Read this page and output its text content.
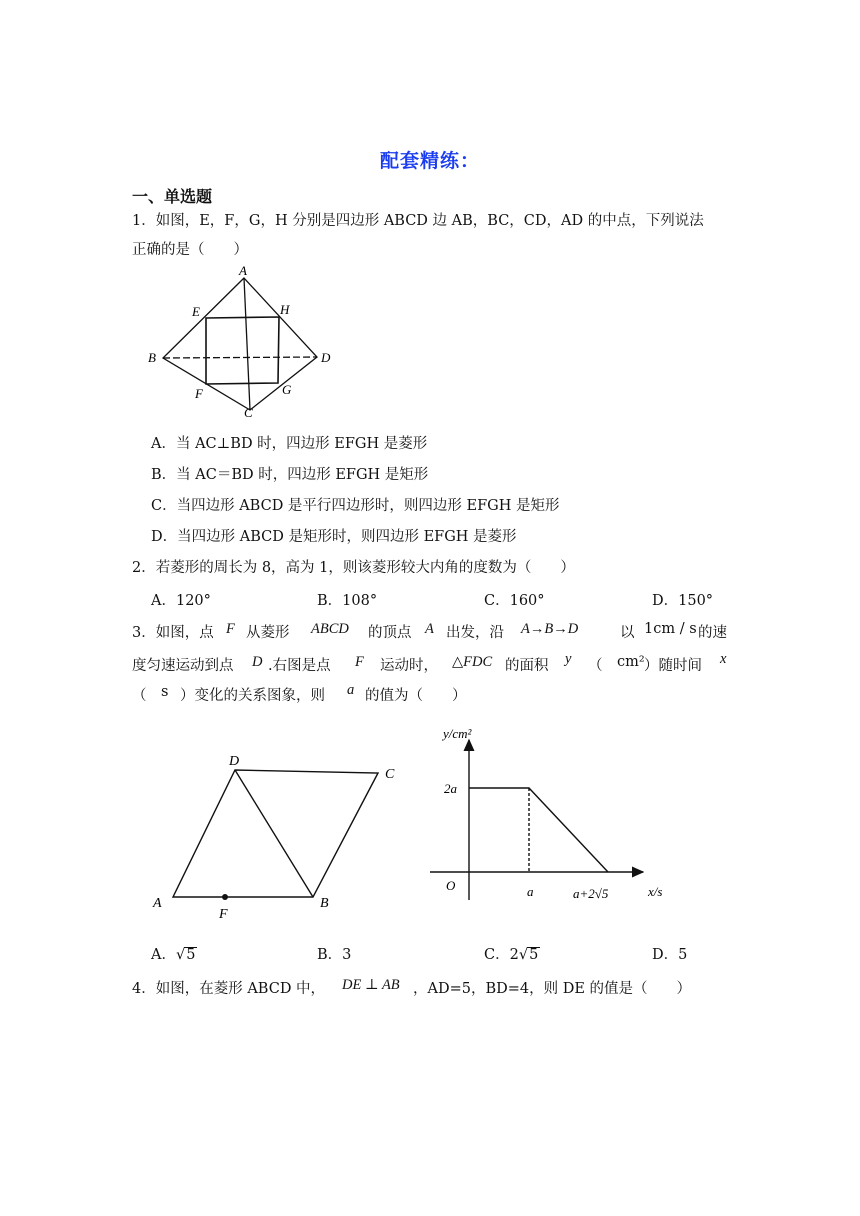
配套精练：
一、单选题
1．如图，E，F，G，H 分别是四边形 ABCD 边 AB，BC，CD，AD 的中点，下列说法
正确的是（　　）
A
B
C
D
E
F	G
H
A．当 AC⊥BD 时，四边形 EFGH 是菱形
B．当 AC＝BD 时，四边形 EFGH 是矩形
C．当四边形 ABCD 是平行四边形时，则四边形 EFGH 是矩形
D．当四边形 ABCD 是矩形时，则四边形 EFGH 是菱形
2．若菱形的周长为 8，高为 1，则该菱形较大内角的度数为（　　）
A．120°	B．108°	C．160°	D．150°
3．如图，点 F 从菱形 ABCD 的顶点 A 出发，沿 A→B→D	以 1cm / s 的速
度匀速运动到点 D .右图是点 F 运动时， △FDC 的面积 y （ cm² ）随时间 x
（ s ）变化的关系图象，则 a 的值为（　　）
D
C
A	B
F
y/cm²
x/s
O
2a
a	a+2√5
A．√5	B．3	C．2√5	D．5
4．如图，在菱形 ABCD 中， DE ⊥ AB ，AD=5，BD=4，则 DE 的值是（　　）
